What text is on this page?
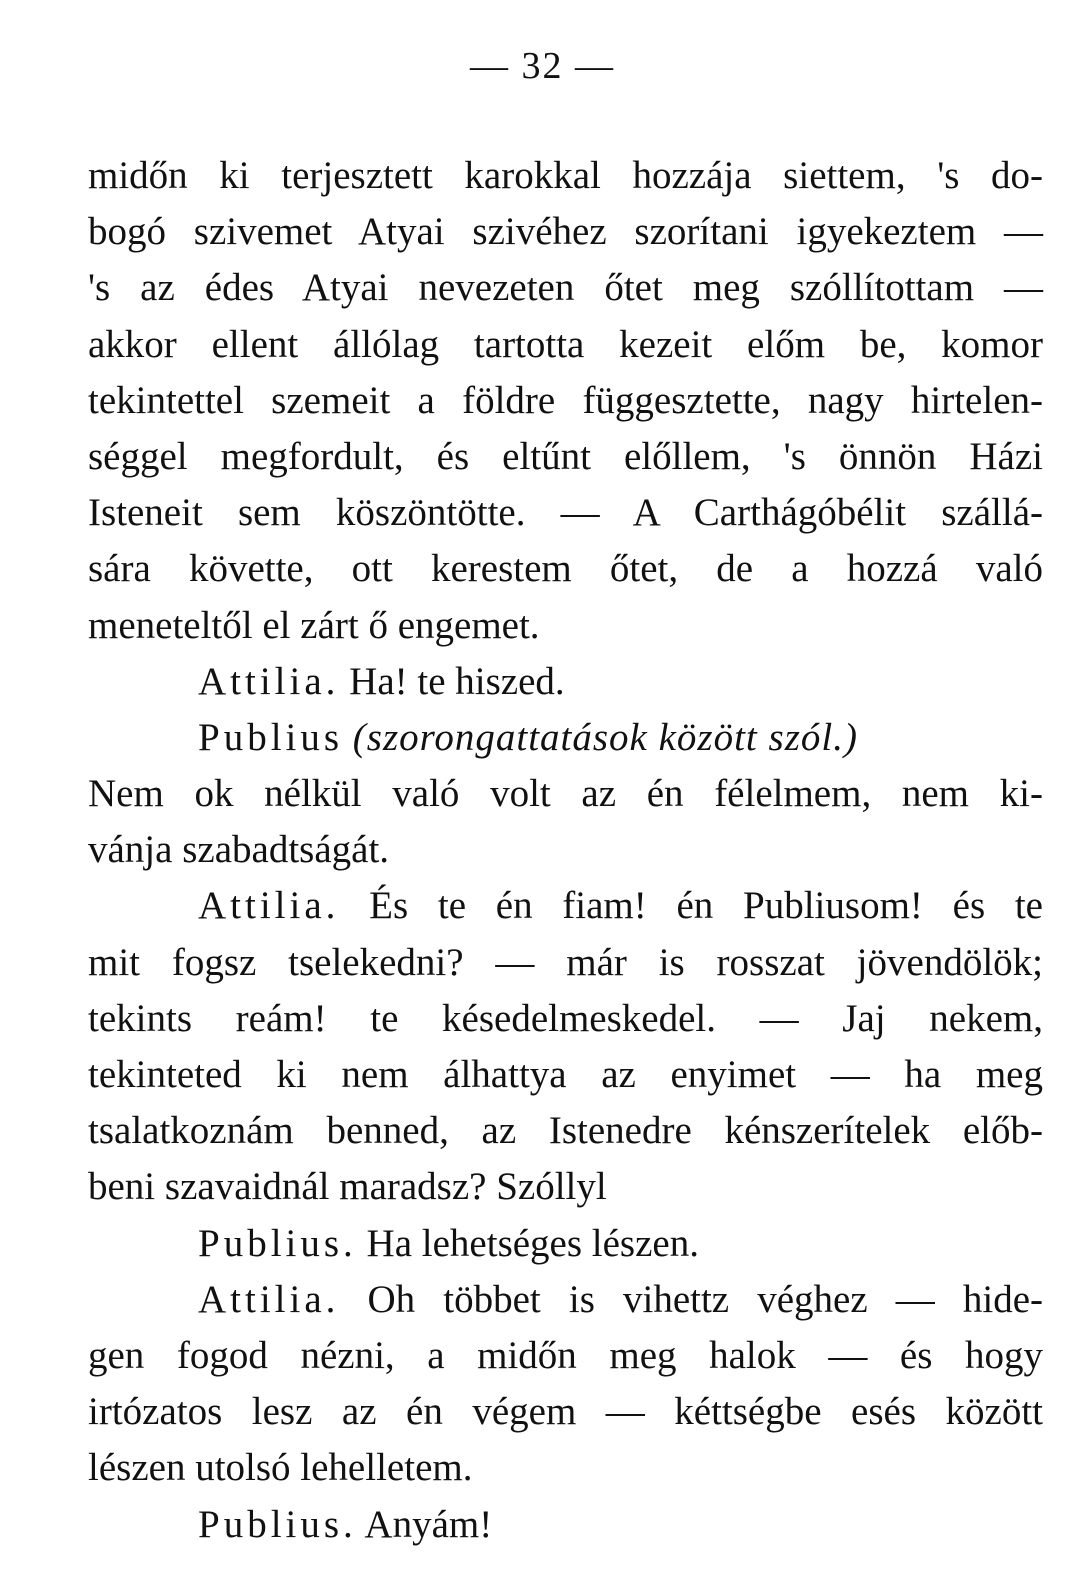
— 32 —
midőn ki terjesztett karokkal hozzája siettem, 's do-
bogó szivemet Atyai szivéhez szorítani igyekeztem —
's az édes Atyai nevezeten őtet meg szóllítottam —
akkor ellent állólag tartotta kezeit előm be, komor
tekintettel szemeit a földre függesztette, nagy hirtelen-
séggel megfordult, és eltűnt előllem, 's önnön Házi
Isteneit sem köszöntötte. — A Carthágóbélit szállá-
sára követte, ott kerestem őtet, de a hozzá való
meneteltől el zárt ő engemet.
Attilia. Ha! te hiszed.
Publius (szorongattatások között szól.)
Nem ok nélkül való volt az én félelmem, nem ki-
vánja szabadtságát.
Attilia. És te én fiam! én Publiusom! és te
mit fogsz tselekedni? — már is rosszat jövendölök;
tekints reám! te késedelmeskedel. — Jaj nekem,
tekinteted ki nem álhattya az enyimet — ha meg
tsalatkoznám benned, az Istenedre kénszerítelek előb-
beni szavaidnál maradsz? Szóllyl
Publius. Ha lehetséges lészen.
Attilia. Oh többet is vihettz véghez — hide-
gen fogod nézni, a midőn meg halok — és hogy
irtózatos lesz az én végem — kéttségbe esés között
lészen utolsó lehelletem.
Publius. Anyám!
